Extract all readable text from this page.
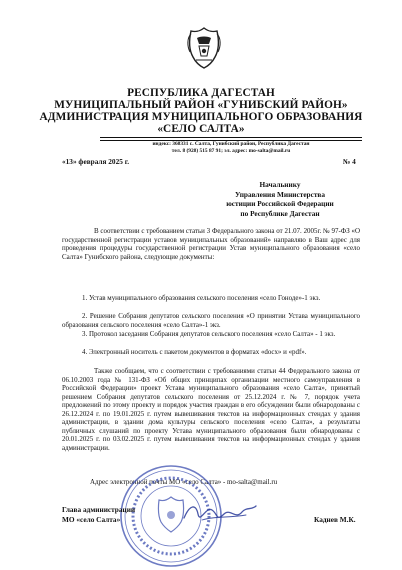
РЕСПУБЛИКА ДАГЕСТАН
МУНИЦИПАЛЬНЫЙ РАЙОН «ГУНИБСКИЙ РАЙОН»
АДМИНИСТРАЦИЯ МУНИЦИПАЛЬНОГО ОБРАЗОВАНИЯ
«СЕЛО САЛТА»
индекс: 368331 с. Салта, Гунибский район, Республика Дагестан
тел. 8 (928) 515 87 91; эл. адрес: mo-salta@mail.ru
«13» февраля 2025 г.	№ 4
Начальнику
Управления Министерства
юстиции Российской Федерации
по Республике Дагестан
В соответствии с требованием статьи 3 Федерального закона от 21.07. 2005г. № 97-ФЗ «О государственной регистрации уставов муниципальных образований» направляю в Ваш адрес для проведения процедуры государственной регистрации Устав муниципального образования «село Салта» Гунибского района, следующие документы:
1. Устав муниципального образования сельского поселения «село Гоноде»-1 экз.
2. Решение Собрания депутатов сельского поселения «О принятии Устава муниципального образования сельского поселения «село Салта»-1 экз.
3. Протокол заседания Собрания депутатов сельского поселения «село Салта» - 1 экз.
4. Электронный носитель с пакетом документов в форматах «docx» и «pdf».
Также сообщаем, что с соответствии с требованиями статьи 44 Федерального закона от 06.10.2003 года № 131-ФЗ «Об общих принципах организации местного самоуправления в Российской Федерации» проект Устава муниципального образования «село Салта», принятый решением Собрания депутатов сельского поселения от 25.12.2024 г. № 7, порядок учета предложений по этому проекту и порядок участия граждан в его обсуждении были обнародованы с 26.12.2024 г. по 19.01.2025 г. путем вывешивания текстов на информационных стендах у здания администрации, в здании дома культуры сельского поселения «село Салта», а результаты публичных слушаний по проекту Устава муниципального образования были обнародованы с 20.01.2025 г. по 03.02.2025 г. путем вывешивания текстов на информационных стендах у здания администрации.
Адрес электронной почты МО «село Салта» - mo-salta@mail.ru
Глава администрации
МО «село Салта»	Каднев М.К.
